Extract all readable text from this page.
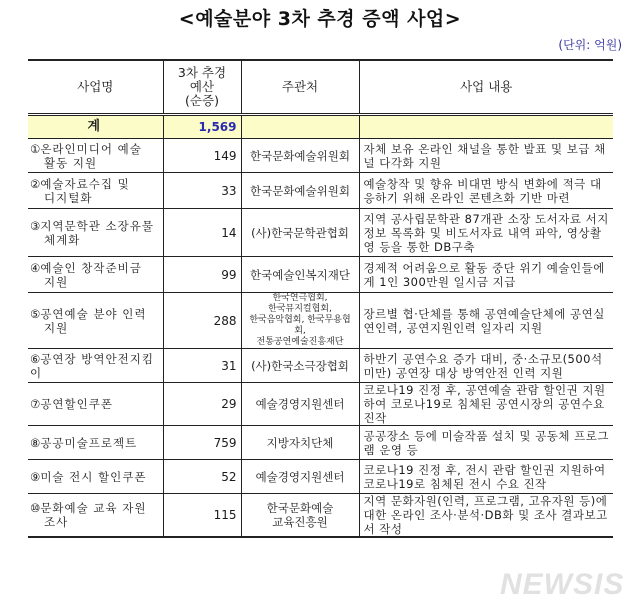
<예술분야 3차 추경 증액 사업>
(단위: 억원)
사업명	3차 추경
예산
(순증)	주관처	사업 내용
계	1,569		
①온라인미디어 예술
활동 지원	149	한국문화예술위원회	자체 보유 온라인 채널을 통한 발표 및 보급 채널 다각화 지원
②예술자료수집 및
디지털화	33	한국문화예술위원회	예술창작 및 향유 비대면 방식 변화에 적극 대응하기 위해 온라인 콘텐츠화 기반 마련
③지역문학관 소장유물
체계화	14	(사)한국문학관협회	지역 공사립문학관 87개관 소장 도서자료 서지정보 목록화 및 비도서자료 내역 파악, 영상촬영 등을 통한 DB구축
④예술인 창작준비금
지원	99	한국예술인복지재단	경제적 어려움으로 활동 중단 위기 예술인들에게 1인 300만원 일시금 지급
⑤공연예술 분야 인력
지원	288	한국연극협회,
한국뮤지컬협회,
한국음악협회, 한국무용협회,
전통공연예술진흥재단	장르별 협·단체를 통해 공연예술단체에 공연실연인력, 공연지원인력 일자리 지원
⑥공연장 방역안전지킴이	31	(사)한국소극장협회	하반기 공연수요 증가 대비, 중·소규모(500석 미만) 공연장 대상 방역안전 인력 지원
⑦공연할인쿠폰	29	예술경영지원센터	코로나19 진정 후, 공연예술 관람 할인권 지원하여 코로나19로 침체된 공연시장의 공연수요 진작
⑧공공미술프로젝트	759	지방자치단체	공공장소 등에 미술작품 설치 및 공동체 프로그램 운영 등
⑨미술 전시 할인쿠폰	52	예술경영지원센터	코로나19 진정 후, 전시 관람 할인권 지원하여 코로나19로 침체된 전시 수요 진작
⑩문화예술 교육 자원
조사	115	한국문화예술
교육진흥원	지역 문화자원(인력, 프로그램, 고유자원 등)에 대한 온라인 조사·분석·DB화 및 조사 결과보고서 작성
NEWSIS
